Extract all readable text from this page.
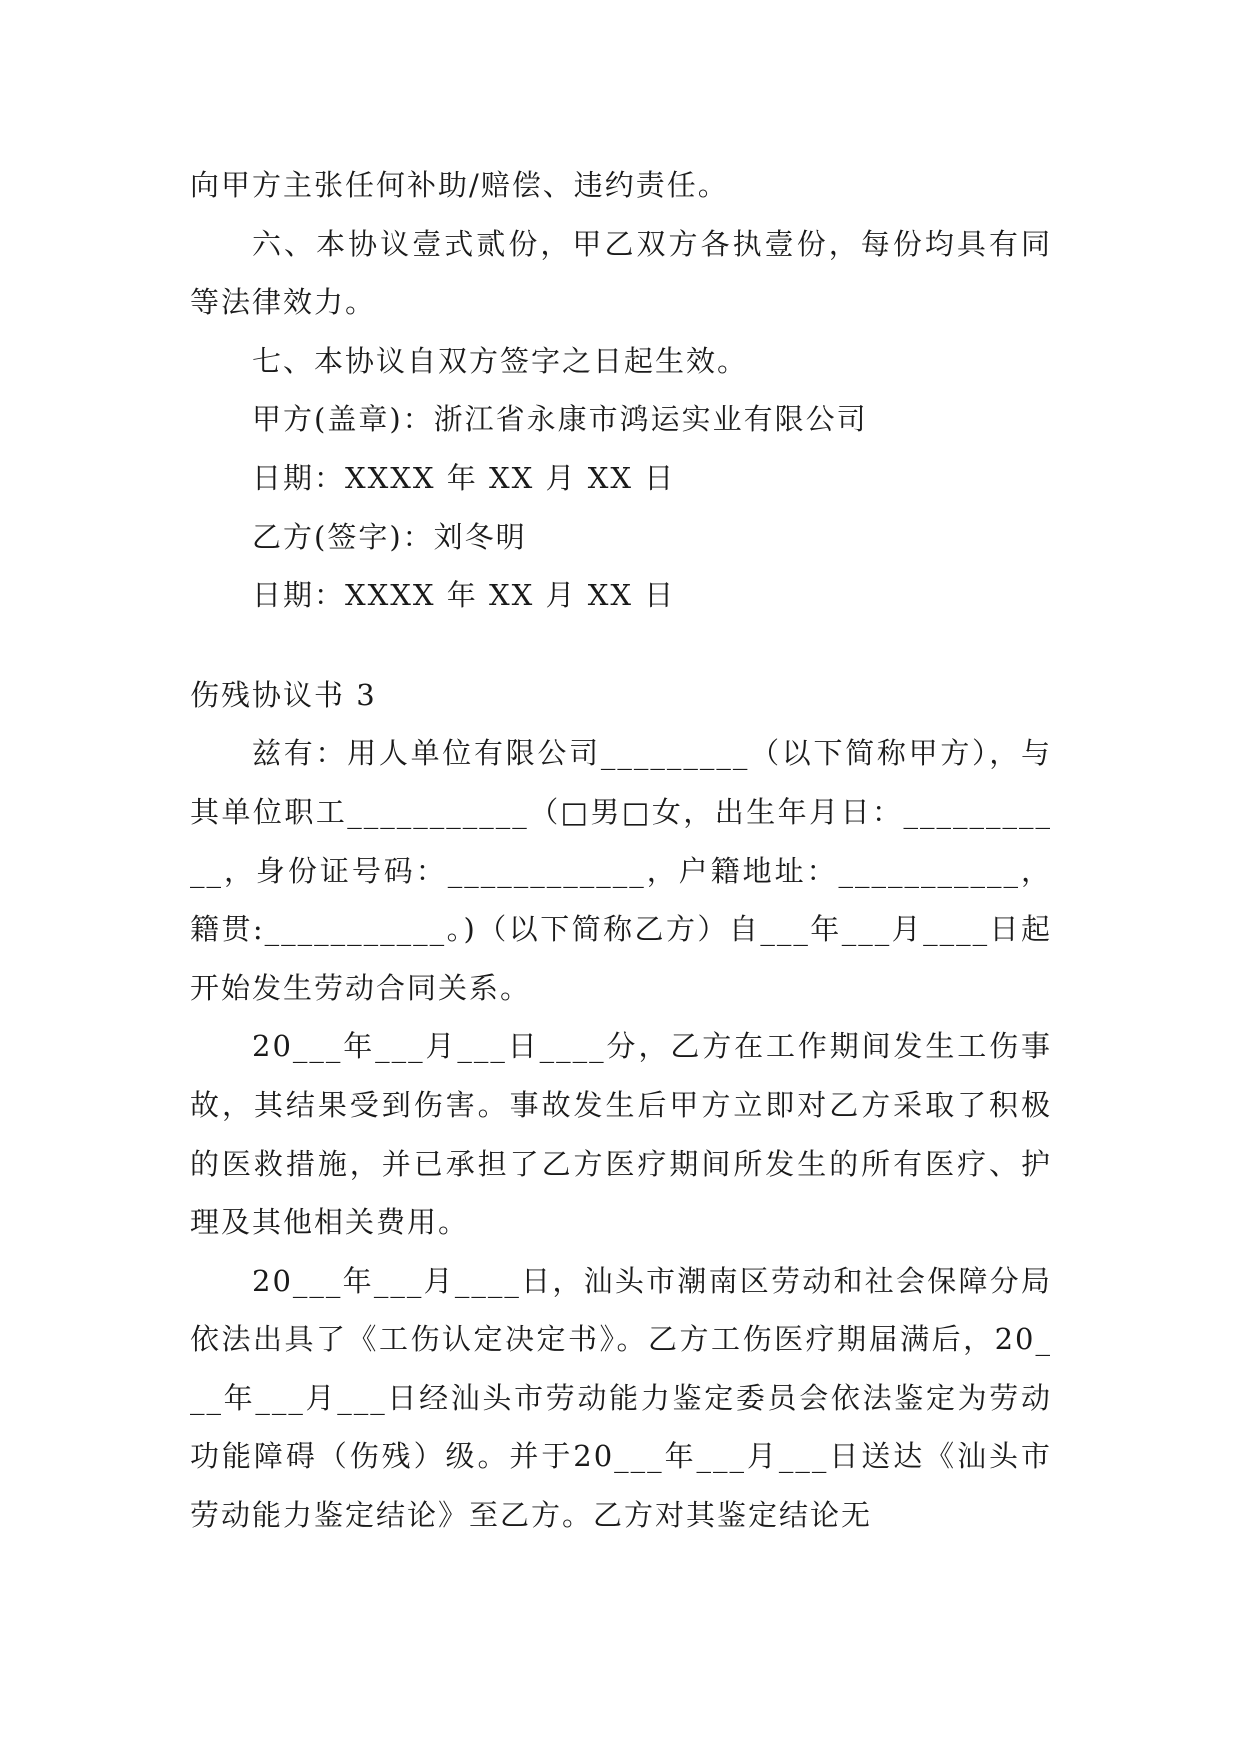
向甲方主张任何补助/赔偿、违约责任。

六、本协议壹式贰份，甲乙双方各执壹份，每份均具有同等法律效力。

七、本协议自双方签字之日起生效。

甲方(盖章)：浙江省永康市鸿运实业有限公司

日期：XXXX 年 XX 月 XX 日

乙方(签字)：刘冬明

日期：XXXX 年 XX 月 XX 日

伤残协议书 3

兹有：用人单位有限公司_________（以下简称甲方），与其单位职工___________（□男□女，出生年月日：___________，身份证号码：____________，户籍地址：___________，籍贯:___________。)（以下简称乙方）自___年___月____日起开始发生劳动合同关系。

20___年___月___日____分，乙方在工作期间发生工伤事故，其结果受到伤害。事故发生后甲方立即对乙方采取了积极的医救措施，并已承担了乙方医疗期间所发生的所有医疗、护理及其他相关费用。

20___年___月____日，汕头市潮南区劳动和社会保障分局依法出具了《工伤认定决定书》。乙方工伤医疗期届满后，20___年___月___日经汕头市劳动能力鉴定委员会依法鉴定为劳动功能障碍（伤残）级。并于20___年___月___日送达《汕头市劳动能力鉴定结论》至乙方。乙方对其鉴定结论无
